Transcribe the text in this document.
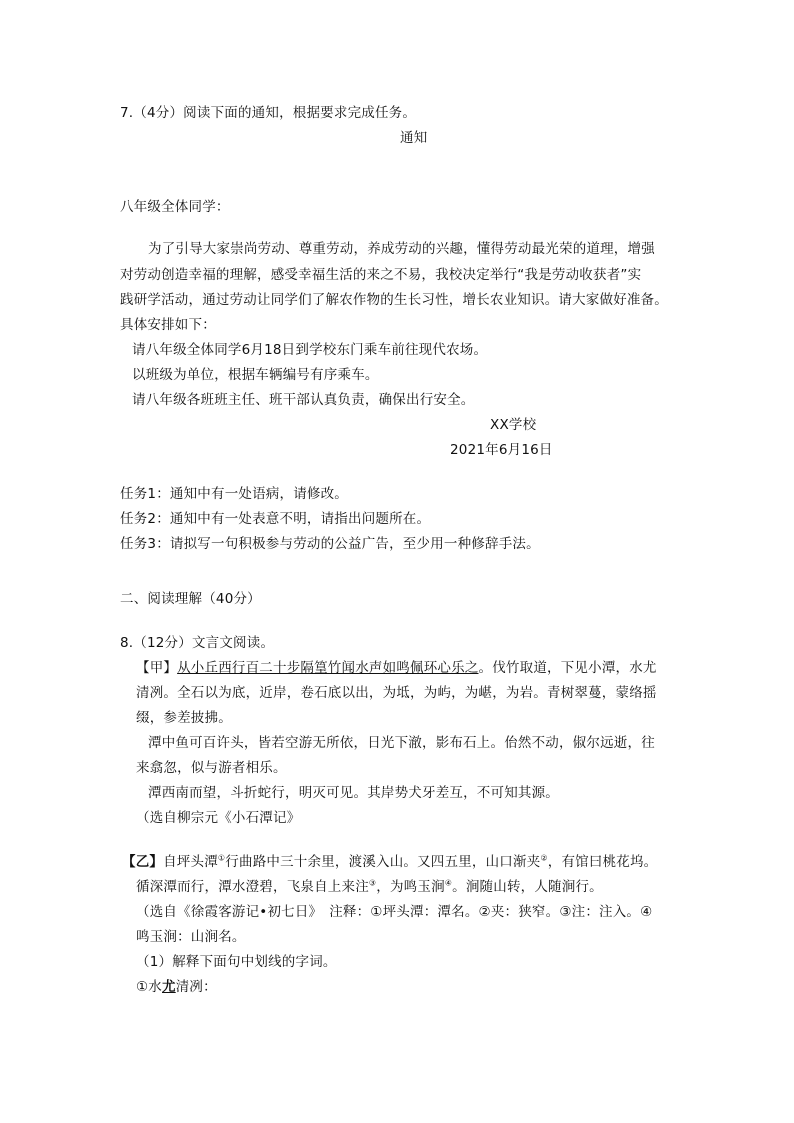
7.（4分）阅读下面的通知，根据要求完成任务。
通知
八年级全体同学：
为了引导大家崇尚劳动、尊重劳动，养成劳动的兴趣，懂得劳动最光荣的道理，增强
对劳动创造幸福的理解，感受幸福生活的来之不易，我校决定举行“我是劳动收获者”实
践研学活动，通过劳动让同学们了解农作物的生长习性，增长农业知识。请大家做好准备。
具体安排如下：
请八年级全体同学6月18日到学校东门乘车前往现代农场。
以班级为单位，根据车辆编号有序乘车。
请八年级各班班主任、班干部认真负责，确保出行安全。
XX学校
2021年6月16日
任务1：通知中有一处语病，请修改。
任务2：通知中有一处表意不明，请指出问题所在。
任务3：请拟写一句积极参与劳动的公益广告，至少用一种修辞手法。
二、阅读理解（40分）
8.（12分）文言文阅读。
【甲】从小丘西行百二十步隔篁竹闻水声如鸣佩环心乐之。伐竹取道，下见小潭，水尤
清冽。全石以为底，近岸，卷石底以出，为坻，为屿，为嵁，为岩。青树翠蔓，蒙络摇
缀，参差披拂。
潭中鱼可百许头，皆若空游无所依，日光下澈，影布石上。佁然不动，俶尔远逝，往
来翕忽，似与游者相乐。
潭西南而望，斗折蛇行，明灭可见。其岸势犬牙差互，不可知其源。
（选自柳宗元《小石潭记》
【乙】自坪头潭①行曲路中三十余里，渡溪入山。又四五里，山口渐夹②，有馆曰桃花坞。
循深潭而行，潭水澄碧，飞泉自上来注③，为鸣玉涧④。涧随山转，人随涧行。
（选自《徐霞客游记•初七日》　注释：①坪头潭：潭名。②夹：狭窄。③注：注入。④
鸣玉涧：山涧名。
（1）解释下面句中划线的字词。
①水尤清冽：
